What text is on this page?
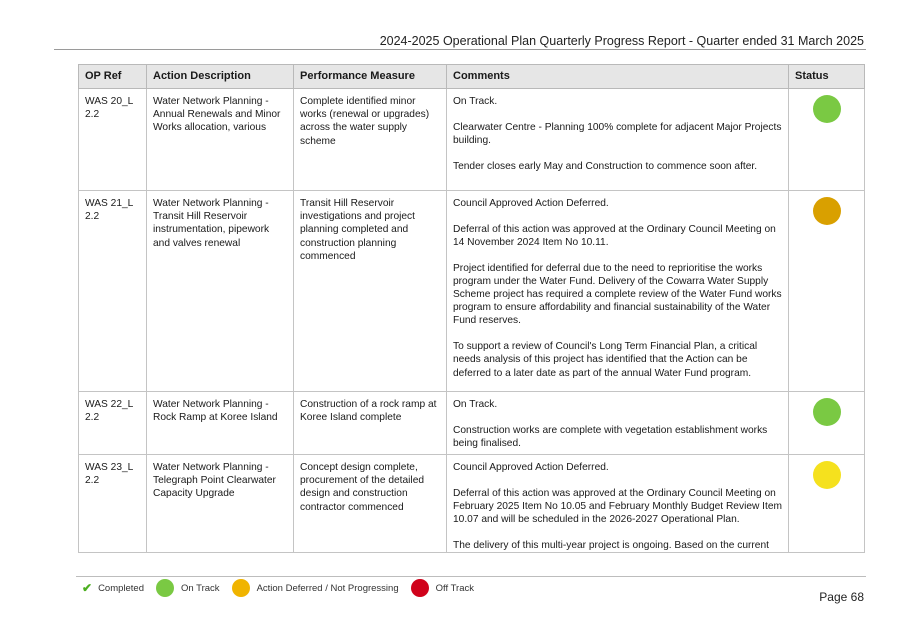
2024-2025 Operational Plan Quarterly Progress Report - Quarter ended 31 March 2025
OP Ref	Action Description	Performance Measure	Comments	Status
WAS 20_L 2.2	Water Network Planning - Annual Renewals and Minor Works allocation, various	Complete identified minor works (renewal or upgrades) across the water supply scheme	On Track.
Clearwater Centre - Planning 100% complete for adjacent Major Projects building.
Tender closes early May and Construction to commence soon after.	

WAS 21_L 2.2	Water Network Planning - Transit Hill Reservoir instrumentation, pipework and valves renewal	Transit Hill Reservoir investigations and project planning completed and construction planning commenced	Council Approved Action Deferred.
Deferral of this action was approved at the Ordinary Council Meeting on 14 November 2024 Item No 10.11.
Project identified for deferral due to the need to reprioritise the works program under the Water Fund. Delivery of the Cowarra Water Supply Scheme project has required a complete review of the Water Fund works program to ensure affordability and financial sustainability of the Water Fund reserves.
To support a review of Council's Long Term Financial Plan, a critical needs analysis of this project has identified that the Action can be deferred to a later date as part of the annual Water Fund program.	

WAS 22_L 2.2	Water Network Planning - Rock Ramp at Koree Island	Construction of a rock ramp at Koree Island complete	On Track.
Construction works are complete with vegetation establishment works being finalised.	

WAS 23_L 2.2	Water Network Planning - Telegraph Point Clearwater Capacity Upgrade	Concept design complete, procurement of the detailed design and construction contractor commenced	Council Approved Action Deferred.
Deferral of this action was approved at the Ordinary Council Meeting on February 2025 Item No 10.05 and February Monthly Budget Review Item 10.07 and will be scheduled in the 2026-2027 Operational Plan.
The delivery of this multi-year project is ongoing. Based on the current	

✔ Completed	On Track	Action Deferred / Not Progressing	Off Track
Page 68
